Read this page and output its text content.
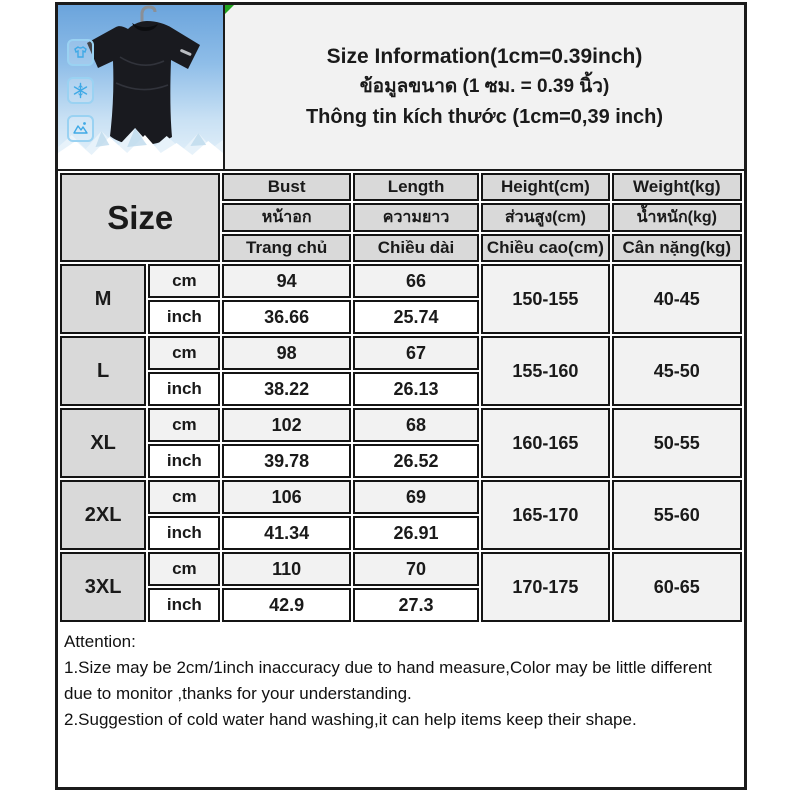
Size Information(1cm=0.39inch)
ข้อมูลขนาด (1 ซม. = 0.39 นิ้ว)
Thông tin kích thước (1cm=0,39 inch)
Size		Bust	Length	Height(cm)	Weight(kg)
		หน้าอก	ความยาว	ส่วนสูง(cm)	น้ำหนัก(kg)
		Trang chủ	Chiều dài	Chiều cao(cm)	Cân nặng(kg)
M	cm	94	66	150-155	40-45
	inch	36.66	25.74		
L	cm	98	67	155-160	45-50
	inch	38.22	26.13		
XL	cm	102	68	160-165	50-55
	inch	39.78	26.52		
2XL	cm	106	69	165-170	55-60
	inch	41.34	26.91		
3XL	cm	110	70	170-175	60-65
	inch	42.9	27.3		
Attention:
1.Size may be 2cm/1inch inaccuracy due to hand measure,Color may be little different due to monitor ,thanks for your understanding.
2.Suggestion of cold water hand washing,it can help items keep their shape.
